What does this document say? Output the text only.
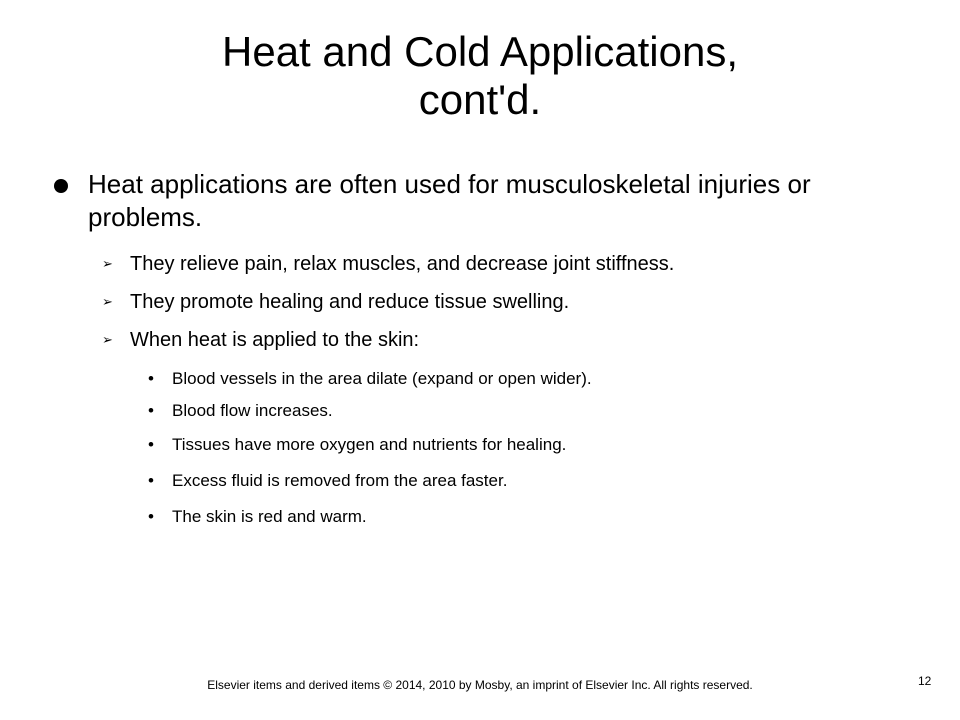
Heat and Cold Applications,
cont'd.
Heat applications are often used for musculoskeletal injuries or problems.
➢ They relieve pain, relax muscles, and decrease joint stiffness.
➢ They promote healing and reduce tissue swelling.
➢ When heat is applied to the skin:
• Blood vessels in the area dilate (expand or open wider).
• Blood flow increases.
• Tissues have more oxygen and nutrients for healing.
• Excess fluid is removed from the area faster.
• The skin is red and warm.
Elsevier items and derived items © 2014, 2010 by Mosby, an imprint of Elsevier Inc. All rights reserved.	12
